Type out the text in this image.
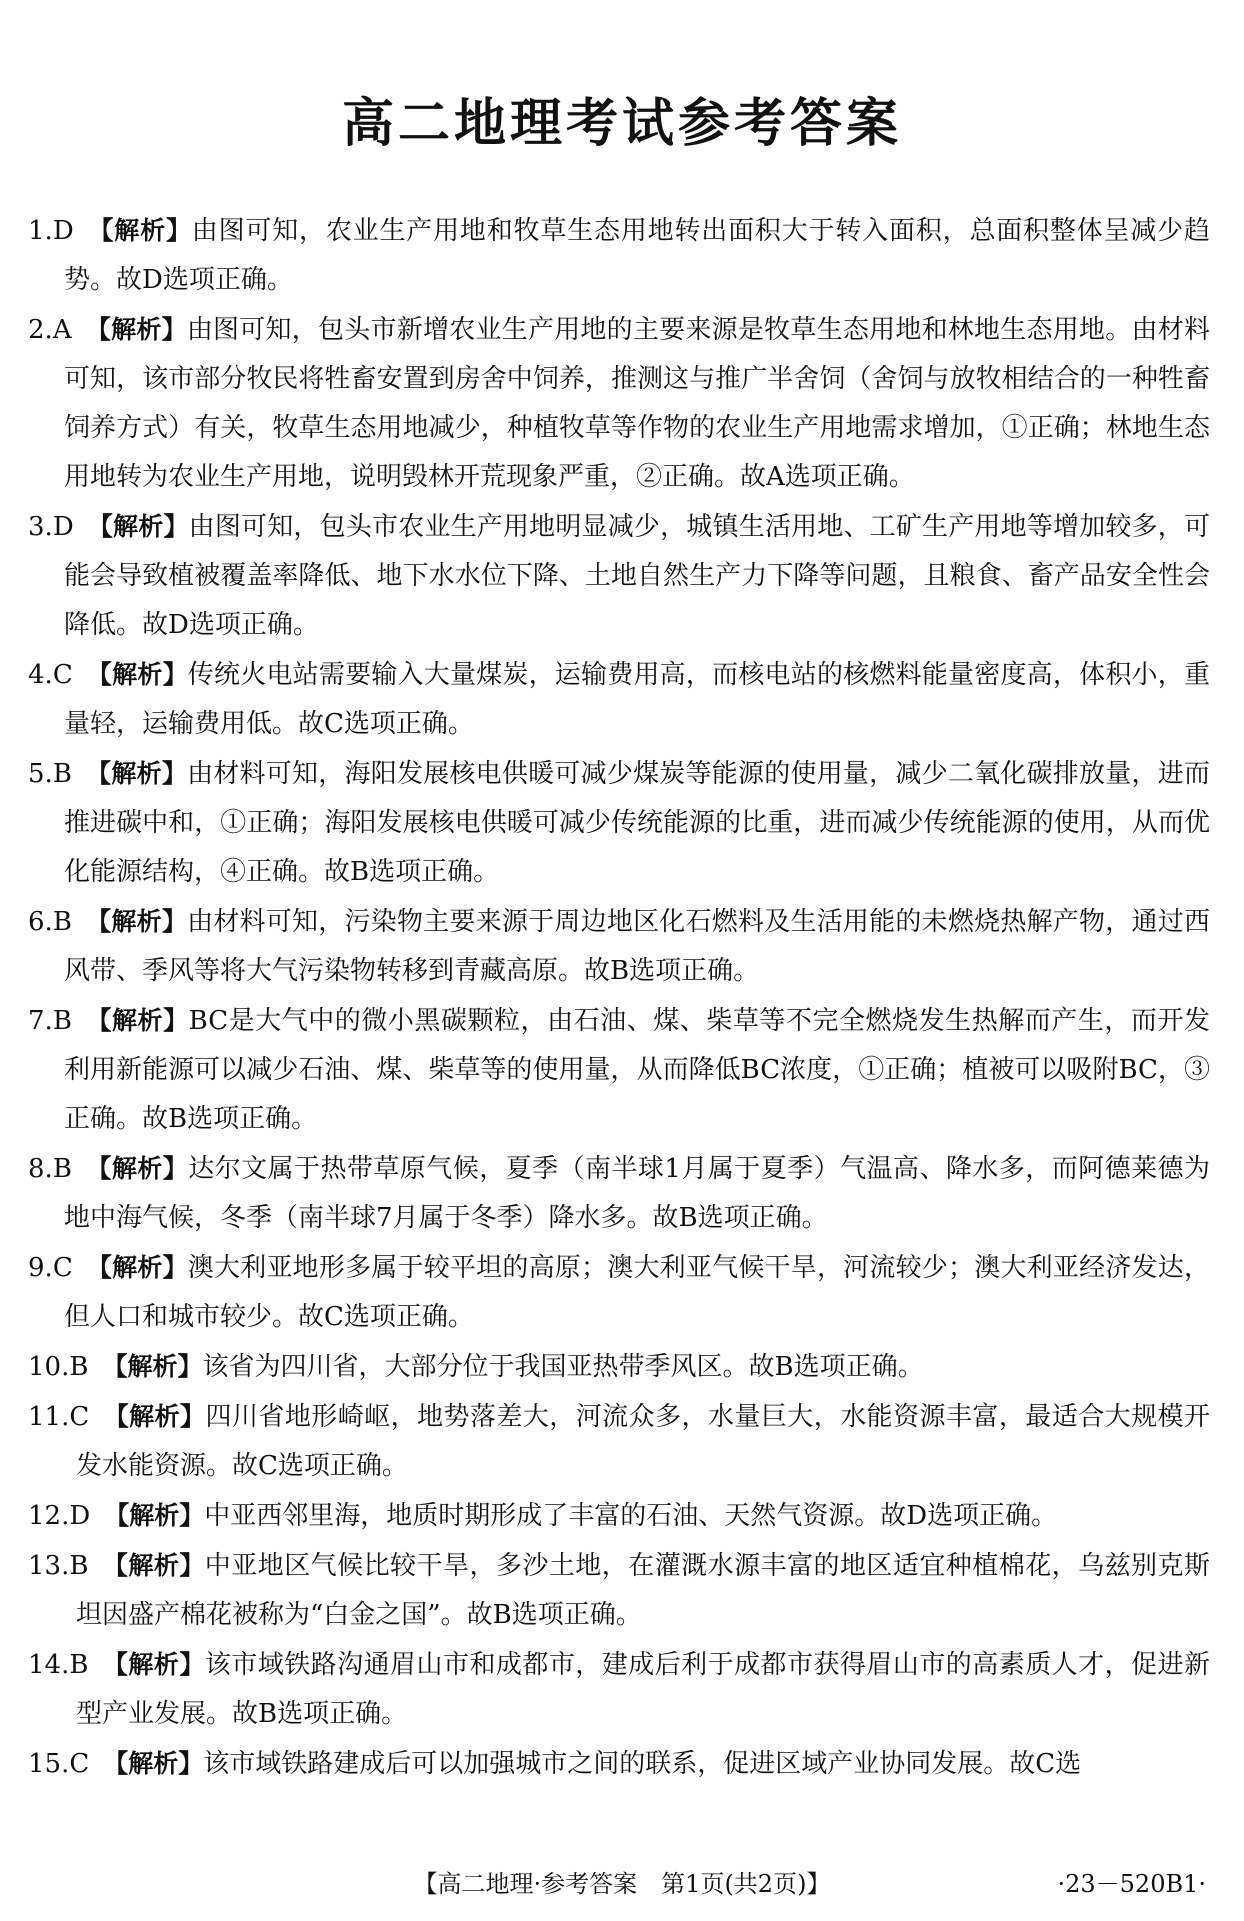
高二地理考试参考答案
1.D 【解析】由图可知，农业生产用地和牧草生态用地转出面积大于转入面积，总面积整体呈减少趋势。故D选项正确。
2.A 【解析】由图可知，包头市新增农业生产用地的主要来源是牧草生态用地和林地生态用地。由材料可知，该市部分牧民将牲畜安置到房舍中饲养，推测这与推广半舍饲（舍饲与放牧相结合的一种牲畜饲养方式）有关，牧草生态用地减少，种植牧草等作物的农业生产用地需求增加，①正确；林地生态用地转为农业生产用地，说明毁林开荒现象严重，②正确。故A选项正确。
3.D 【解析】由图可知，包头市农业生产用地明显减少，城镇生活用地、工矿生产用地等增加较多，可能会导致植被覆盖率降低、地下水水位下降、土地自然生产力下降等问题，且粮食、畜产品安全性会降低。故D选项正确。
4.C 【解析】传统火电站需要输入大量煤炭，运输费用高，而核电站的核燃料能量密度高，体积小，重量轻，运输费用低。故C选项正确。
5.B 【解析】由材料可知，海阳发展核电供暖可减少煤炭等能源的使用量，减少二氧化碳排放量，进而推进碳中和，①正确；海阳发展核电供暖可减少传统能源的比重，进而减少传统能源的使用，从而优化能源结构，④正确。故B选项正确。
6.B 【解析】由材料可知，污染物主要来源于周边地区化石燃料及生活用能的未燃烧热解产物，通过西风带、季风等将大气污染物转移到青藏高原。故B选项正确。
7.B 【解析】BC是大气中的微小黑碳颗粒，由石油、煤、柴草等不完全燃烧发生热解而产生，而开发利用新能源可以减少石油、煤、柴草等的使用量，从而降低BC浓度，①正确；植被可以吸附BC，③正确。故B选项正确。
8.B 【解析】达尔文属于热带草原气候，夏季（南半球1月属于夏季）气温高、降水多，而阿德莱德为地中海气候，冬季（南半球7月属于冬季）降水多。故B选项正确。
9.C 【解析】澳大利亚地形多属于较平坦的高原；澳大利亚气候干旱，河流较少；澳大利亚经济发达，但人口和城市较少。故C选项正确。
10.B 【解析】该省为四川省，大部分位于我国亚热带季风区。故B选项正确。
11.C 【解析】四川省地形崎岖，地势落差大，河流众多，水量巨大，水能资源丰富，最适合大规模开发水能资源。故C选项正确。
12.D 【解析】中亚西邻里海，地质时期形成了丰富的石油、天然气资源。故D选项正确。
13.B 【解析】中亚地区气候比较干旱，多沙土地，在灌溉水源丰富的地区适宜种植棉花，乌兹别克斯坦因盛产棉花被称为“白金之国”。故B选项正确。
14.B 【解析】该市域铁路沟通眉山市和成都市，建成后利于成都市获得眉山市的高素质人才，促进新型产业发展。故B选项正确。
15.C 【解析】该市域铁路建成后可以加强城市之间的联系，促进区域产业协同发展。故C选
【高二地理·参考答案　第1页(共2页)】	·23－520B1·
